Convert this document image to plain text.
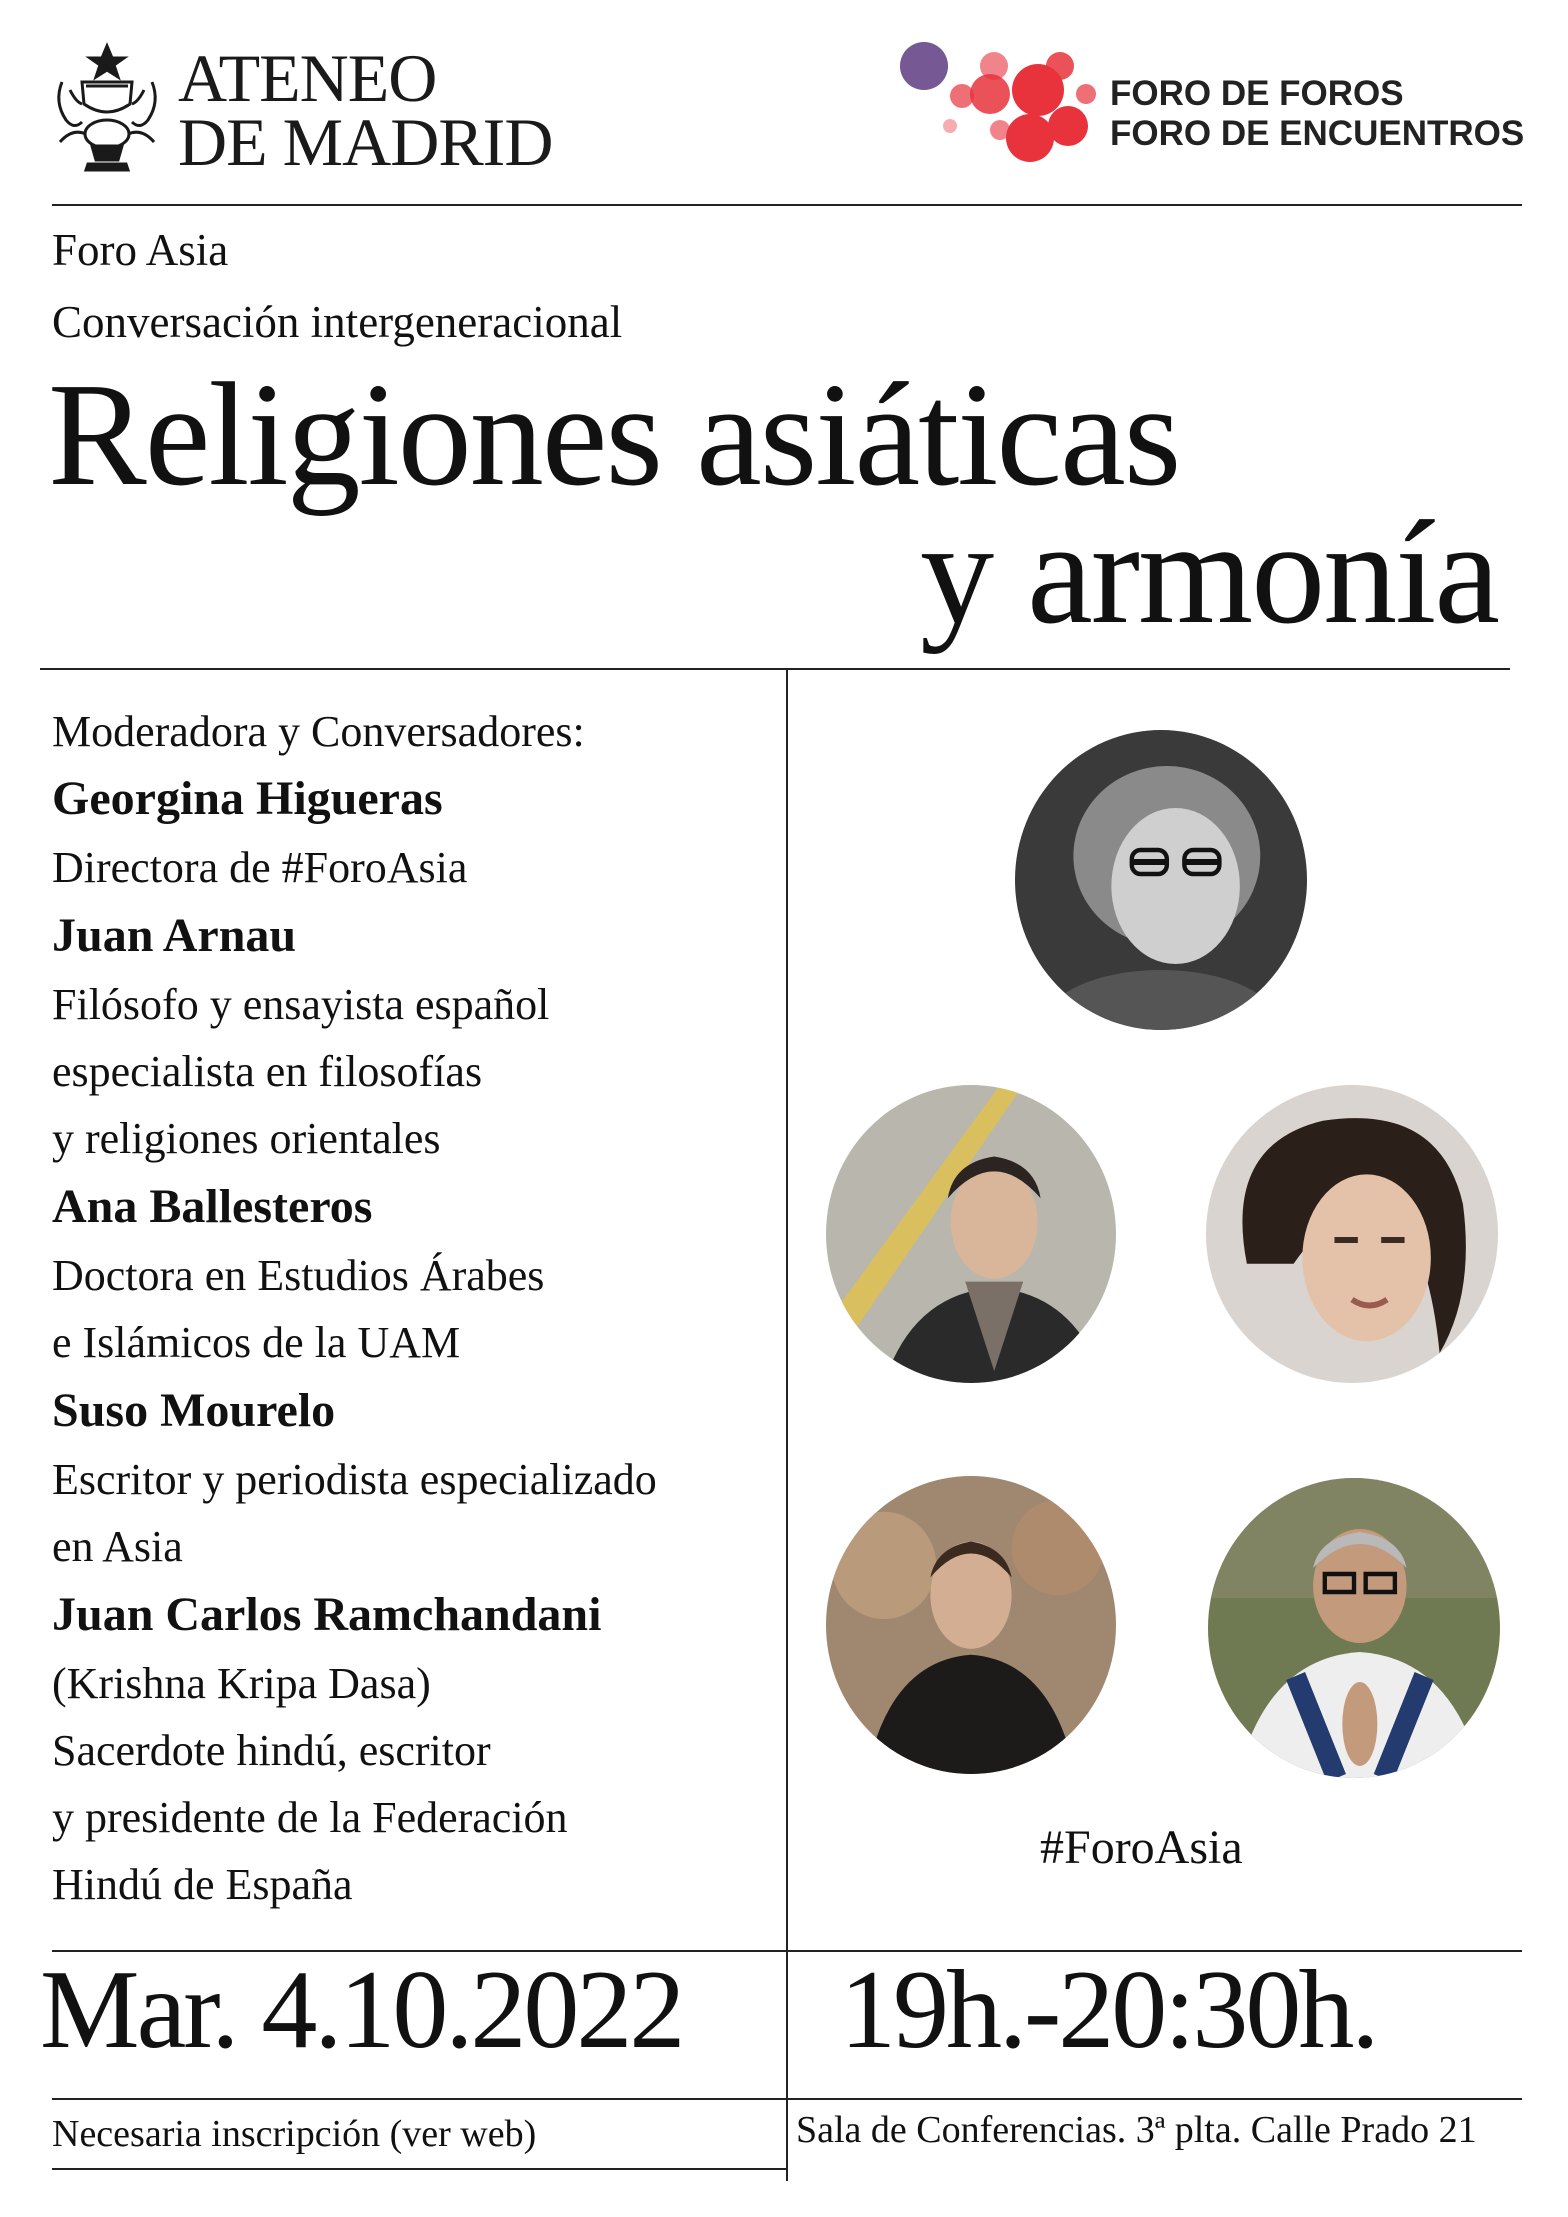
ATENEO
DE MADRID
FORO DE FOROS
FORO DE ENCUENTROS
Foro Asia
Conversación intergeneracional
Religiones asiáticas
y armonía
Moderadora y Conversadores:
Georgina Higueras
Directora de #ForoAsia
Juan Arnau
Filósofo y ensayista español
especialista en filosofías
y religiones orientales
Ana Ballesteros
Doctora en Estudios Árabes
e Islámicos de la UAM
Suso Mourelo
Escritor y periodista especializado
en Asia
Juan Carlos Ramchandani
(Krishna Kripa Dasa)
Sacerdote hindú, escritor
y presidente de la Federación
Hindú de España
#ForoAsia
Mar. 4.10.2022 19h.-20:30h.
Necesaria inscripción (ver web)	Sala de Conferencias. 3ª plta. Calle Prado 21
